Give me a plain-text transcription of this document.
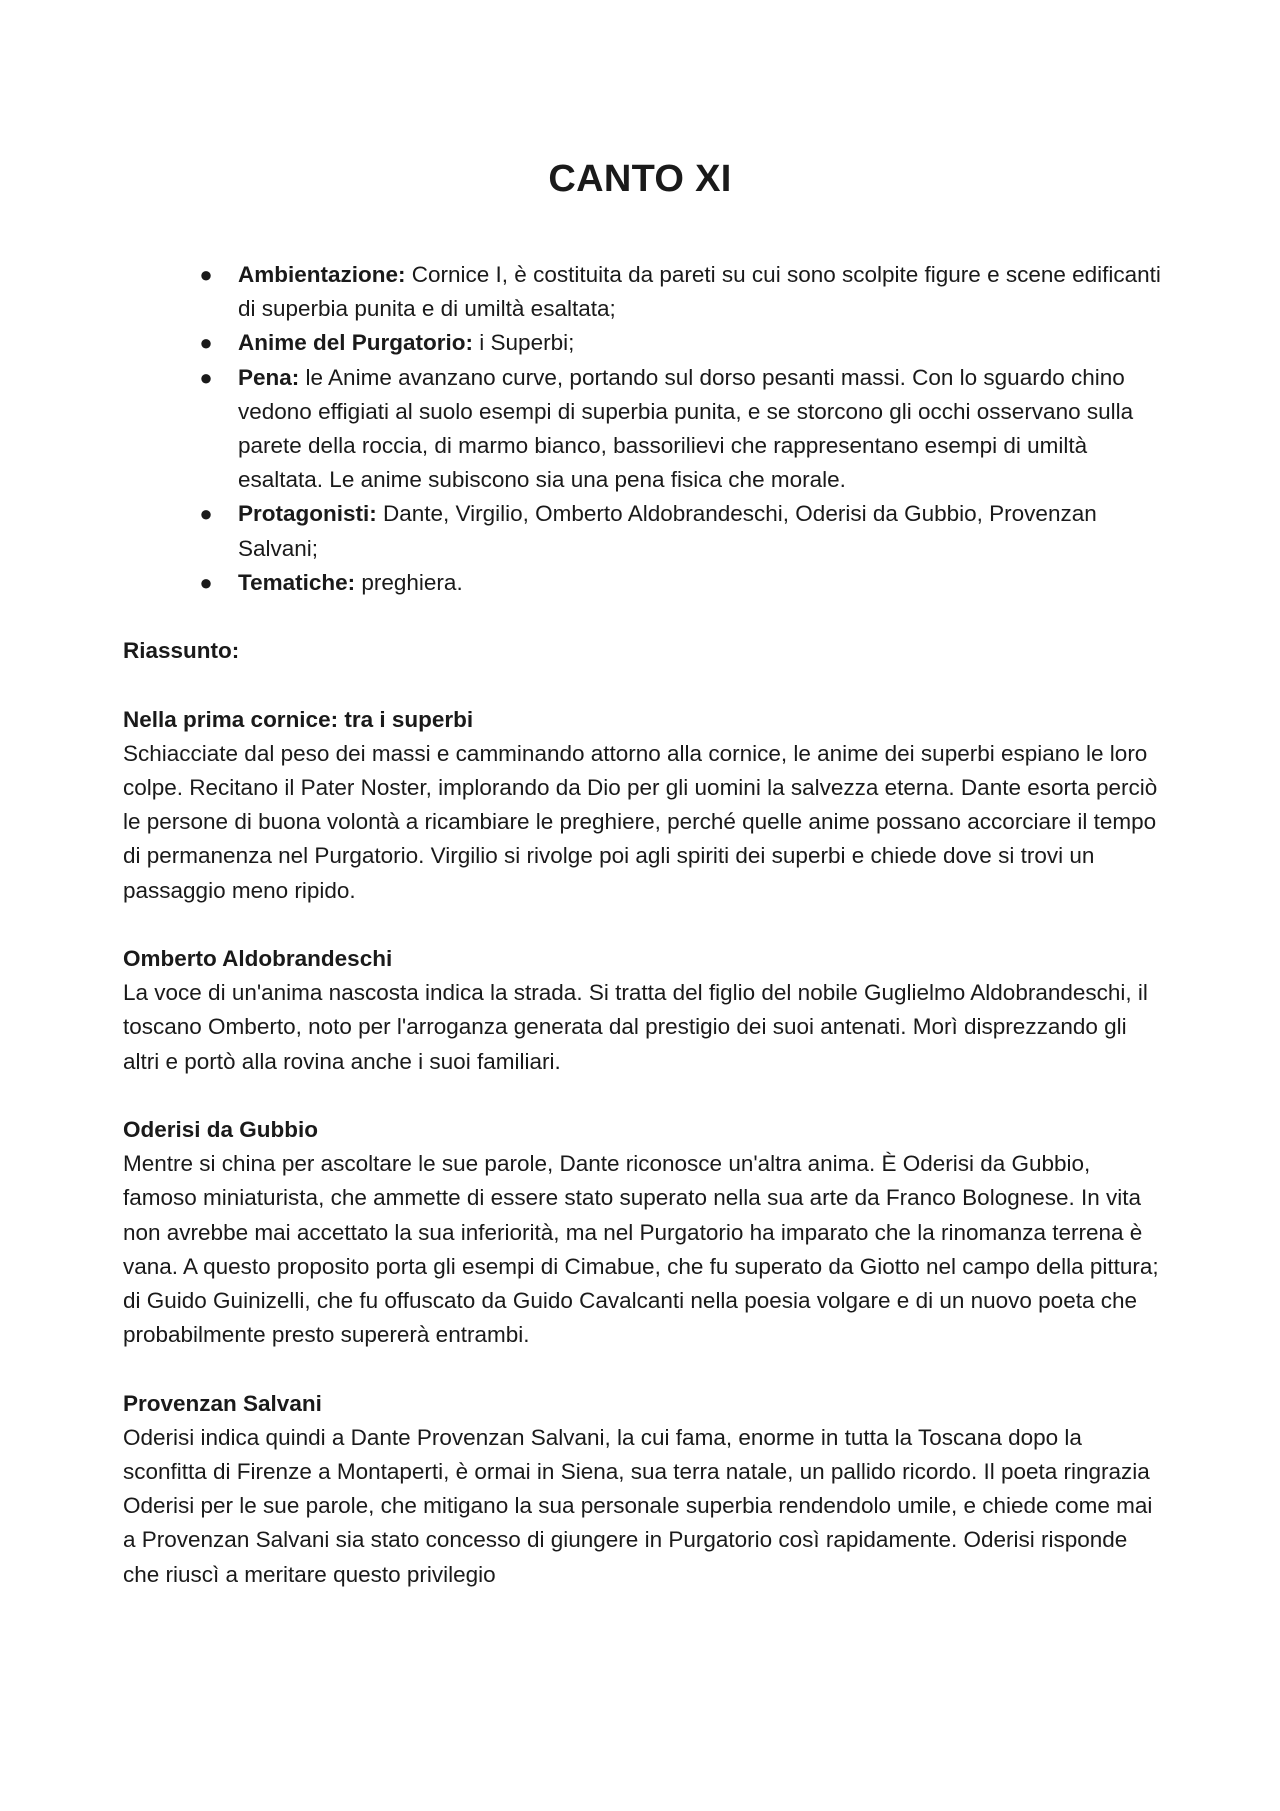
CANTO XI
● Ambientazione: Cornice I, è costituita da pareti su cui sono scolpite figure e scene edificanti di superbia punita e di umiltà esaltata;
● Anime del Purgatorio: i Superbi;
● Pena: le Anime avanzano curve, portando sul dorso pesanti massi. Con lo sguardo chino vedono effigiati al suolo esempi di superbia punita, e se storcono gli occhi osservano sulla parete della roccia, di marmo bianco, bassorilievi che rappresentano esempi di umiltà esaltata. Le anime subiscono sia una pena fisica che morale.
● Protagonisti: Dante, Virgilio, Omberto Aldobrandeschi, Oderisi da Gubbio, Provenzan Salvani;
● Tematiche: preghiera.

Riassunto:

Nella prima cornice: tra i superbi

Schiacciate dal peso dei massi e camminando attorno alla cornice, le anime dei superbi espiano le loro colpe. Recitano il Pater Noster, implorando da Dio per gli uomini la salvezza eterna. Dante esorta perciò le persone di buona volontà a ricambiare le preghiere, perché quelle anime possano accorciare il tempo di permanenza nel Purgatorio. Virgilio si rivolge poi agli spiriti dei superbi e chiede dove si trovi un passaggio meno ripido.

Omberto Aldobrandeschi

La voce di un'anima nascosta indica la strada. Si tratta del figlio del nobile Guglielmo Aldobrandeschi, il toscano Omberto, noto per l'arroganza generata dal prestigio dei suoi antenati. Morì disprezzando gli altri e portò alla rovina anche i suoi familiari.

Oderisi da Gubbio

Mentre si china per ascoltare le sue parole, Dante riconosce un'altra anima. È Oderisi da Gubbio, famoso miniaturista, che ammette di essere stato superato nella sua arte da Franco Bolognese. In vita non avrebbe mai accettato la sua inferiorità, ma nel Purgatorio ha imparato che la rinomanza terrena è vana. A questo proposito porta gli esempi di Cimabue, che fu superato da Giotto nel campo della pittura; di Guido Guinizelli, che fu offuscato da Guido Cavalcanti nella poesia volgare e di un nuovo poeta che probabilmente presto supererà entrambi.

Provenzan Salvani

Oderisi indica quindi a Dante Provenzan Salvani, la cui fama, enorme in tutta la Toscana dopo la sconfitta di Firenze a Montaperti, è ormai in Siena, sua terra natale, un pallido ricordo. Il poeta ringrazia Oderisi per le sue parole, che mitigano la sua personale superbia rendendolo umile, e chiede come mai a Provenzan Salvani sia stato concesso di giungere in Purgatorio così rapidamente. Oderisi risponde che riuscì a meritare questo privilegio
